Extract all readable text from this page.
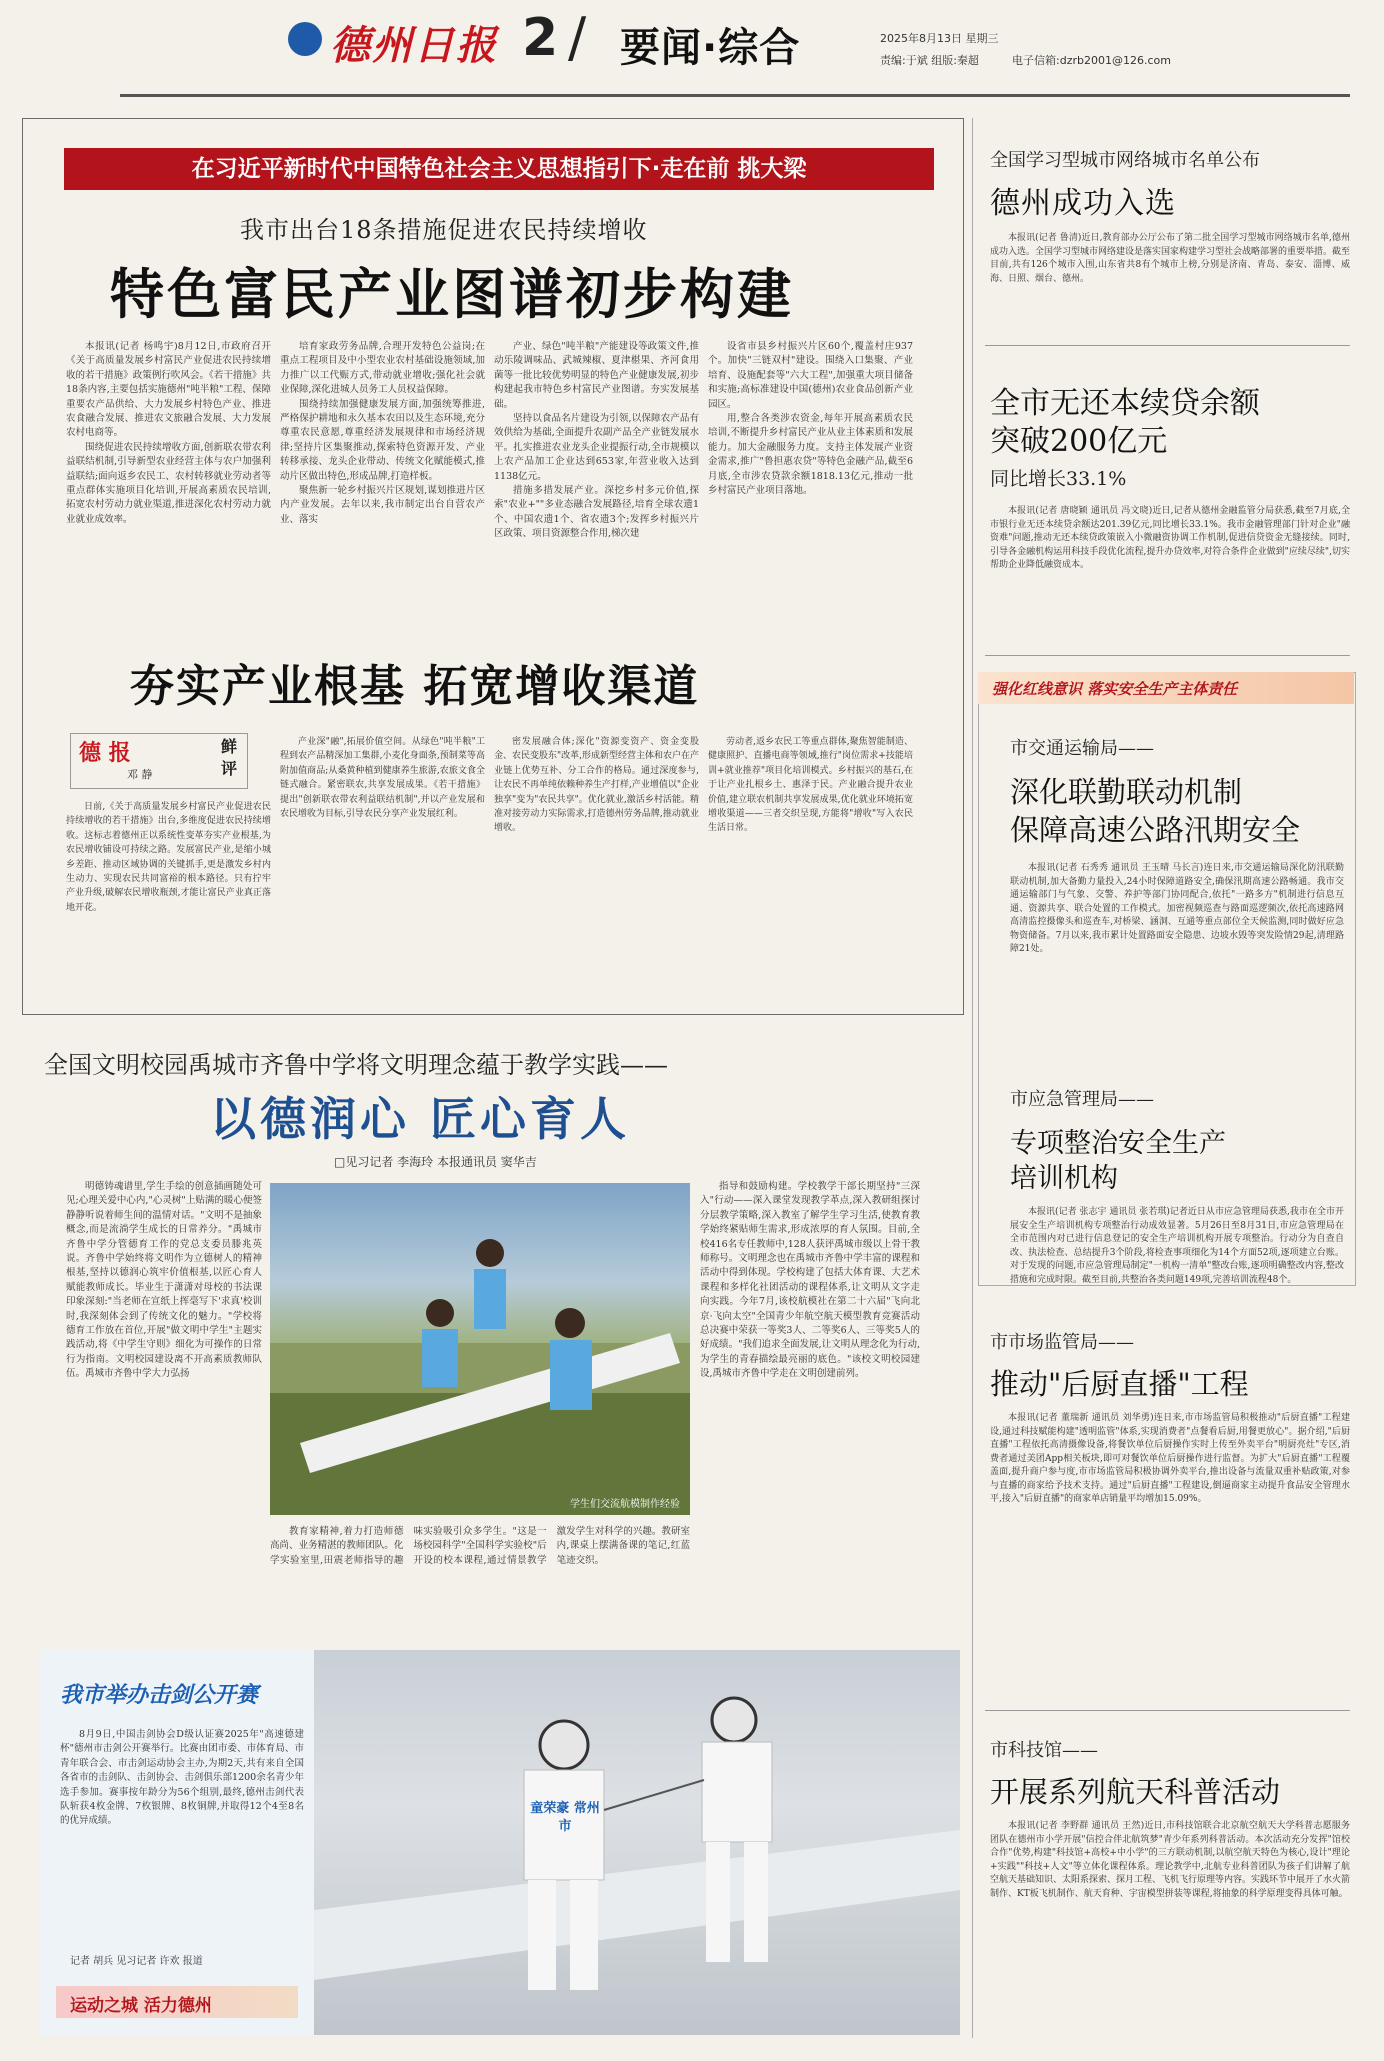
德州日报 2 / 要闻·综合	2025年8月13日 星期三
责编:于斌 组版:秦超	电子信箱:dzrb2001@126.com
在习近平新时代中国特色社会主义思想指引下·走在前 挑大梁
我市出台18条措施促进农民持续增收
特色富民产业图谱初步构建

本报讯(记者 杨鸣宇)8月12日,市政府召开《关于高质量发展乡村富民产业促进农民持续增收的若干措施》政策例行吹风会。《若干措施》共18条内容,主要包括实施德州"吨半粮"工程、保障重要农产品供给、大力发展乡村特色产业、推进农食融合发展、推进农文旅融合发展、大力发展农村电商等。

围绕促进农民持续增收方面,创新联农带农利益联结机制,引导新型农业经营主体与农户加强利益联结;面向返乡农民工、农村转移就业劳动者等重点群体实施项目化培训,开展高素质农民培训,拓宽农村劳动力就业渠道,推进深化农村劳动力就业就业成效率。

培育家政劳务品牌,合理开发特色公益岗;在重点工程项目及中小型农业农村基础设施领域,加力推广以工代赈方式,带动就业增收;强化社会就业保障,深化进城人员务工人员权益保障。

围绕持续加强健康发展方面,加强统筹推进,严格保护耕地和永久基本农田以及生态环境,充分尊重农民意愿,尊重经济发展规律和市场经济规律;坚持片区集聚推动,探索特色资源开发、产业转移承接、龙头企业带动、传统文化赋能模式,推动片区做出特色,形成品牌,打造样板。

聚焦新一轮乡村振兴片区规划,谋划推进片区内产业发展。去年以来,我市制定出台自营农产业、落实

产业、绿色"吨半粮"产能建设等政策文件,推动乐陵调味品、武城辣椒、夏津椹果、齐河食用菌等一批比较优势明显的特色产业健康发展,初步构建起我市特色乡村富民产业图谱。夯实发展基础。

坚持以食品名片建设为引领,以保障农产品有效供给为基础,全面提升农副产品全产业链发展水平。扎实推进农业龙头企业提振行动,全市规模以上农产品加工企业达到653家,年营业收入达到1138亿元。

措施多措发展产业。深挖乡村多元价值,探索"农业+""多业态融合发展路径,培育全球农遗1个、中国农遗1个、省农遗3个;发挥乡村振兴片区政策、项目资源整合作用,梯次建

设省市县乡村振兴片区60个,覆盖村庄937个。加快"三链双村"建设。围绕入口集聚、产业培育、设施配套等"六大工程",加强重大项目储备和实施;高标准建设中国(德州)农业食品创新产业园区。

用,整合各类涉农资金,每年开展高素质农民培训,不断提升乡村富民产业从业主体素质和发展能力。加大金融服务力度。支持主体发展产业资金需求,推广"鲁担惠农贷"等特色金融产品,截至6月底,全市涉农贷款余额1818.13亿元,推动一批乡村富民产业项目落地。

夯实产业根基 拓宽增收渠道
德 报	鲜评
邓 静

日前,《关于高质量发展乡村富民产业促进农民持续增收的若干措施》出台,多维度促进农民持续增收。这标志着德州正以系统性变革夯实产业根基,为农民增收铺设可持续之路。发展富民产业,是缩小城乡差距、推动区域协调的关键抓手,更是激发乡村内生动力、实现农民共同富裕的根本路径。只有拧牢产业升级,破解农民增收瓶颈,才能让富民产业真正落地开花。

产业深"融",拓展价值空间。从绿色"吨半粮"工程到农产品精深加工集群,小麦化身面条,预制菜等高附加值商品;从桑黄种植到健康养生旅游,农旅文食全链式融合。紧密联农,共享发展成果。《若干措施》提出"创新联农带农利益联结机制",并以产业发展和农民增收为目标,引导农民分享产业发展红利。

密发展融合体;深化"资源变资产、资金变股金、农民变股东"改革,形成新型经营主体和农户在产业链上优势互补、分工合作的格局。通过深度参与,让农民不再单纯依赖种养生产打样,产业增值以"企业独享"变为"农民共享"。优化就业,激活乡村活能。精准对接劳动力实际需求,打造德州劳务品牌,推动就业增收。

劳动者,返乡农民工等重点群体,聚焦智能制造、健康照护、直播电商等领域,推行"岗位需求+技能培训+就业推荐"项目化培训模式。乡村振兴的基石,在于让产业扎根乡土、惠泽于民。产业融合提升农业价值,建立联农机制共享发展成果,优化就业环境拓宽增收渠道——三者交织呈现,方能将"增收"写入农民生活日常。

全国文明校园禹城市齐鲁中学将文明理念蕴于教学实践——
以德润心 匠心育人
□见习记者 李海玲 本报通讯员 窦华吉

明德铸魂谱里,学生手绘的创意插画随处可见;心理关爱中心内,"心灵树"上贴满的暖心便签静静听说着师生间的温情对话。"文明不是抽象概念,而是流淌学生成长的日常养分。"禹城市齐鲁中学分管德育工作的党总支委员滕兆英说。齐鲁中学始终将文明作为立德树人的精神根基,坚持以德润心筑牢价值根基,以匠心育人赋能教师成长。毕业生于潇潇对母校的书法课印象深刻:"当老师在宣纸上挥毫写下'求真'校训时,我深刻体会到了传统文化的魅力。"学校将德育工作放在首位,开展"做文明中学生"主题实践活动,将《中学生守则》细化为可操作的日常行为指南。文明校园建设离不开高素质教师队伍。禹城市齐鲁中学大力弘扬

学生们交流航模制作经验

教育家精神,着力打造师德高尚、业务精湛的教师团队。化学实验室里,田震老师指导的趣味实验吸引众多学生。"这是一场校园科学"全国科学实验校"后开设的校本课程,通过情景教学激发学生对科学的兴趣。教研室内,课桌上摆满备课的笔记,红蓝笔迹交织。

指导和鼓励构建。学校教学干部长期坚持"三深入"行动——深入课堂发现教学革点,深入教研组探讨分层教学策略,深入教室了解学生学习生活,使教育教学始终紧贴师生需求,形成浓厚的育人氛围。目前,全校416名专任教师中,128人获评禹城市级以上骨干教师称号。文明理念也在禹城市齐鲁中学丰富的课程和活动中得到体现。学校构建了包括大体育课、大艺术课程和多样化社团活动的课程体系,让文明从文字走向实践。今年7月,该校航模社在第二十六届"飞向北京·飞向太空"全国青少年航空航天模型教育竞赛活动总决赛中荣获一等奖3人、二等奖6人、三等奖5人的好成绩。"我们追求全面发展,让文明从理念化为行动,为学生的青春描绘最亮丽的底色。"该校文明校园建设,禹城市齐鲁中学走在文明创建前列。

我市举办击剑公开赛

8月9日,中国击剑协会D级认证赛2025年"高速德建杯"德州市击剑公开赛举行。比赛由团市委、市体育局、市青年联合会、市击剑运动协会主办,为期2天,共有来自全国各省市的击剑队、击剑协会、击剑俱乐部1200余名青少年选手参加。赛事按年龄分为56个组别,最终,德州击剑代表队斩获4枚金牌、7枚银牌、8枚铜牌,并取得12个4至8名的优异成绩。

记者 胡兵 见习记者 许欢 报道
运动之城 活力德州
童荣豪 常州市
全国学习型城市网络城市名单公布
德州成功入选

本报讯(记者 鲁清)近日,教育部办公厅公布了第二批全国学习型城市网络城市名单,德州成功入选。全国学习型城市网络建设是落实国家构建学习型社会战略部署的重要举措。截至目前,共有126个城市入围,山东省共8有个城市上榜,分别是济南、青岛、泰安、淄博、威海、日照、烟台、德州。

全市无还本续贷余额
突破200亿元
同比增长33.1%

本报讯(记者 唐晓颖 通讯员 冯文晓)近日,记者从德州金融监管分局获悉,截至7月底,全市银行业无还本续贷余额达201.39亿元,同比增长33.1%。我市金融管理部门针对企业"融资难"问题,推动无还本续贷政策嵌入小微融资协调工作机制,促进信贷资金无缝接续。同时,引导各金融机构运用科技手段优化流程,提升办贷效率,对符合条件企业做到"应续尽续",切实帮助企业降低融资成本。

强化红线意识 落实安全生产主体责任
市交通运输局——
深化联勤联动机制
保障高速公路汛期安全

本报讯(记者 石秀秀 通讯员 王玉晴 马长言)连日来,市交通运输局深化防汛联勤联动机制,加大备勤力量投入,24小时保障道路安全,确保汛期高速公路畅通。我市交通运输部门与气象、交警、养护等部门协同配合,依托"一路多方"机制进行信息互通、资源共享、联合处置的工作模式。加密视频巡查与路面巡逻频次,依托高速路网高清监控摄像头和巡查车,对桥梁、涵洞、互通等重点部位全天候监测,同时做好应急物资储备。7月以来,我市累计处置路面安全隐患、边坡水毁等突发险情29起,清理路障21处。

市应急管理局——
专项整治安全生产
培训机构

本报讯(记者 张志宇 通讯员 张若琪)记者近日从市应急管理局获悉,我市在全市开展安全生产培训机构专项整治行动成效显著。5月26日至8月31日,市应急管理局在全市范围内对已进行信息登记的安全生产培训机构开展专项整治。行动分为自查自改、执法检查、总结提升3个阶段,将检查事项细化为14个方面52项,逐项建立台账。对于发现的问题,市应急管理局制定"一机构一清单"整改台账,逐项明确整改内容,整改措施和完成时限。截至目前,共整治各类问题149项,完善培训流程48个。

市市场监管局——
推动"后厨直播"工程

本报讯(记者 董瑞新 通讯员 刘华勇)连日来,市市场监管局积极推动"后厨直播"工程建设,通过科技赋能构建"透明监管"体系,实现消费者"点餐看后厨,用餐更放心"。据介绍,"后厨直播"工程依托高清摄像设备,将餐饮单位后厨操作实时上传至外卖平台"明厨亮灶"专区,消费者通过美团App相关板块,即可对餐饮单位后厨操作进行监督。为扩大"后厨直播"工程覆盖面,提升商户参与度,市市场监管局积极协调外卖平台,推出设备与流量双重补贴政策,对参与直播的商家给予技术支持。通过"后厨直播"工程建设,倒逼商家主动提升食品安全管理水平,接入"后厨直播"的商家单店销量平均增加15.09%。

市科技馆——
开展系列航天科普活动

本报讯(记者 李野群 通讯员 王然)近日,市科技馆联合北京航空航天大学科普志愿服务团队在德州市小学开展"信控合伴北航筑梦"青少年系列科普活动。本次活动充分发挥"馆校合作"优势,构建"科技馆+高校+中小学"的三方联动机制,以航空航天特色为核心,设计"理论+实践""科技+人文"等立体化课程体系。理论教学中,北航专业科普团队为孩子们讲解了航空航天基础知识、太阳系探索、探月工程、飞机飞行原理等内容。实践环节中展开了水火箭制作、KT板飞机制作、航天育种、宇宙模型拼装等课程,将抽象的科学原理变得具体可触。
